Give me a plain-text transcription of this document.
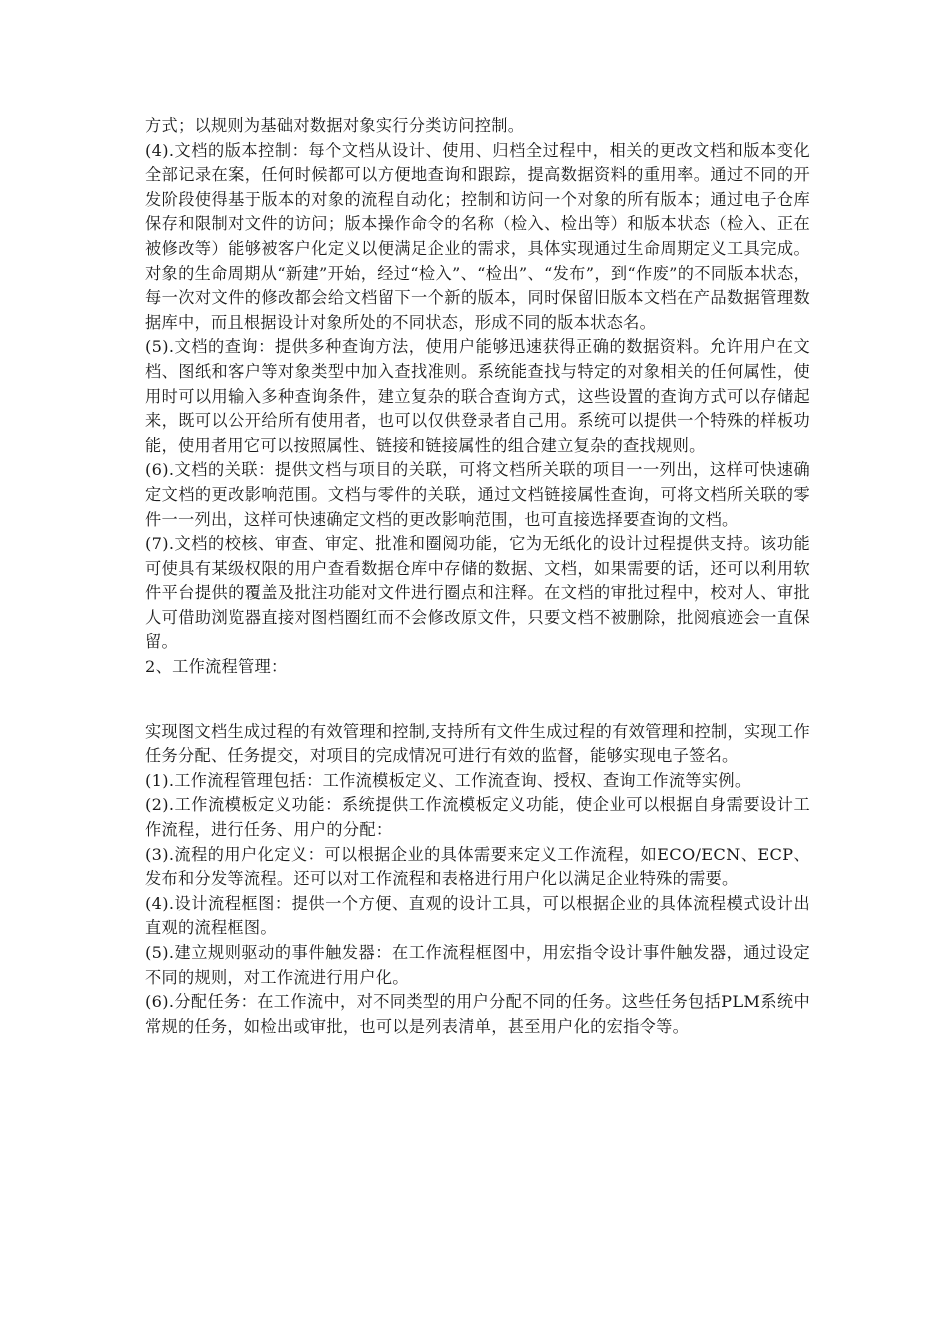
方式；以规则为基础对数据对象实行分类访问控制。

(4).文档的版本控制：每个文档从设计、使用、归档全过程中，相关的更改文档和版本变化全部记录在案，任何时候都可以方便地查询和跟踪，提高数据资料的重用率。通过不同的开发阶段使得基于版本的对象的流程自动化；控制和访问一个对象的所有版本；通过电子仓库保存和限制对文件的访问；版本操作命令的名称（检入、检出等）和版本状态（检入、正在被修改等）能够被客户化定义以便满足企业的需求，具体实现通过生命周期定义工具完成。对象的生命周期从“新建”开始，经过“检入”、“检出”、“发布”，到“作废”的不同版本状态，每一次对文件的修改都会给文档留下一个新的版本，同时保留旧版本文档在产品数据管理数据库中，而且根据设计对象所处的不同状态，形成不同的版本状态名。

(5).文档的查询：提供多种查询方法，使用户能够迅速获得正确的数据资料。允许用户在文档、图纸和客户等对象类型中加入查找准则。系统能查找与特定的对象相关的任何属性，使用时可以用输入多种查询条件，建立复杂的联合查询方式，这些设置的查询方式可以存储起来，既可以公开给所有使用者，也可以仅供登录者自己用。系统可以提供一个特殊的样板功能，使用者用它可以按照属性、链接和链接属性的组合建立复杂的查找规则。

(6).文档的关联：提供文档与项目的关联，可将文档所关联的项目一一列出，这样可快速确定文档的更改影响范围。文档与零件的关联，通过文档链接属性查询，可将文档所关联的零件一一列出，这样可快速确定文档的更改影响范围，也可直接选择要查询的文档。

(7).文档的校核、审查、审定、批准和圈阅功能，它为无纸化的设计过程提供支持。该功能可使具有某级权限的用户查看数据仓库中存储的数据、文档，如果需要的话，还可以利用软件平台提供的覆盖及批注功能对文件进行圈点和注释。在文档的审批过程中，校对人、审批人可借助浏览器直接对图档圈红而不会修改原文件，只要文档不被删除，批阅痕迹会一直保留。

2、工作流程管理：

实现图文档生成过程的有效管理和控制,支持所有文件生成过程的有效管理和控制，实现工作任务分配、任务提交，对项目的完成情况可进行有效的监督，能够实现电子签名。

(1).工作流程管理包括：工作流模板定义、工作流查询、授权、查询工作流等实例。

(2).工作流模板定义功能：系统提供工作流模板定义功能，使企业可以根据自身需要设计工作流程，进行任务、用户的分配：

(3).流程的用户化定义：可以根据企业的具体需要来定义工作流程，如ECO/ECN、ECP、发布和分发等流程。还可以对工作流程和表格进行用户化以满足企业特殊的需要。

(4).设计流程框图：提供一个方便、直观的设计工具，可以根据企业的具体流程模式设计出直观的流程框图。

(5).建立规则驱动的事件触发器：在工作流程框图中，用宏指令设计事件触发器，通过设定不同的规则，对工作流进行用户化。

(6).分配任务：在工作流中，对不同类型的用户分配不同的任务。这些任务包括PLM系统中常规的任务，如检出或审批，也可以是列表清单，甚至用户化的宏指令等。
